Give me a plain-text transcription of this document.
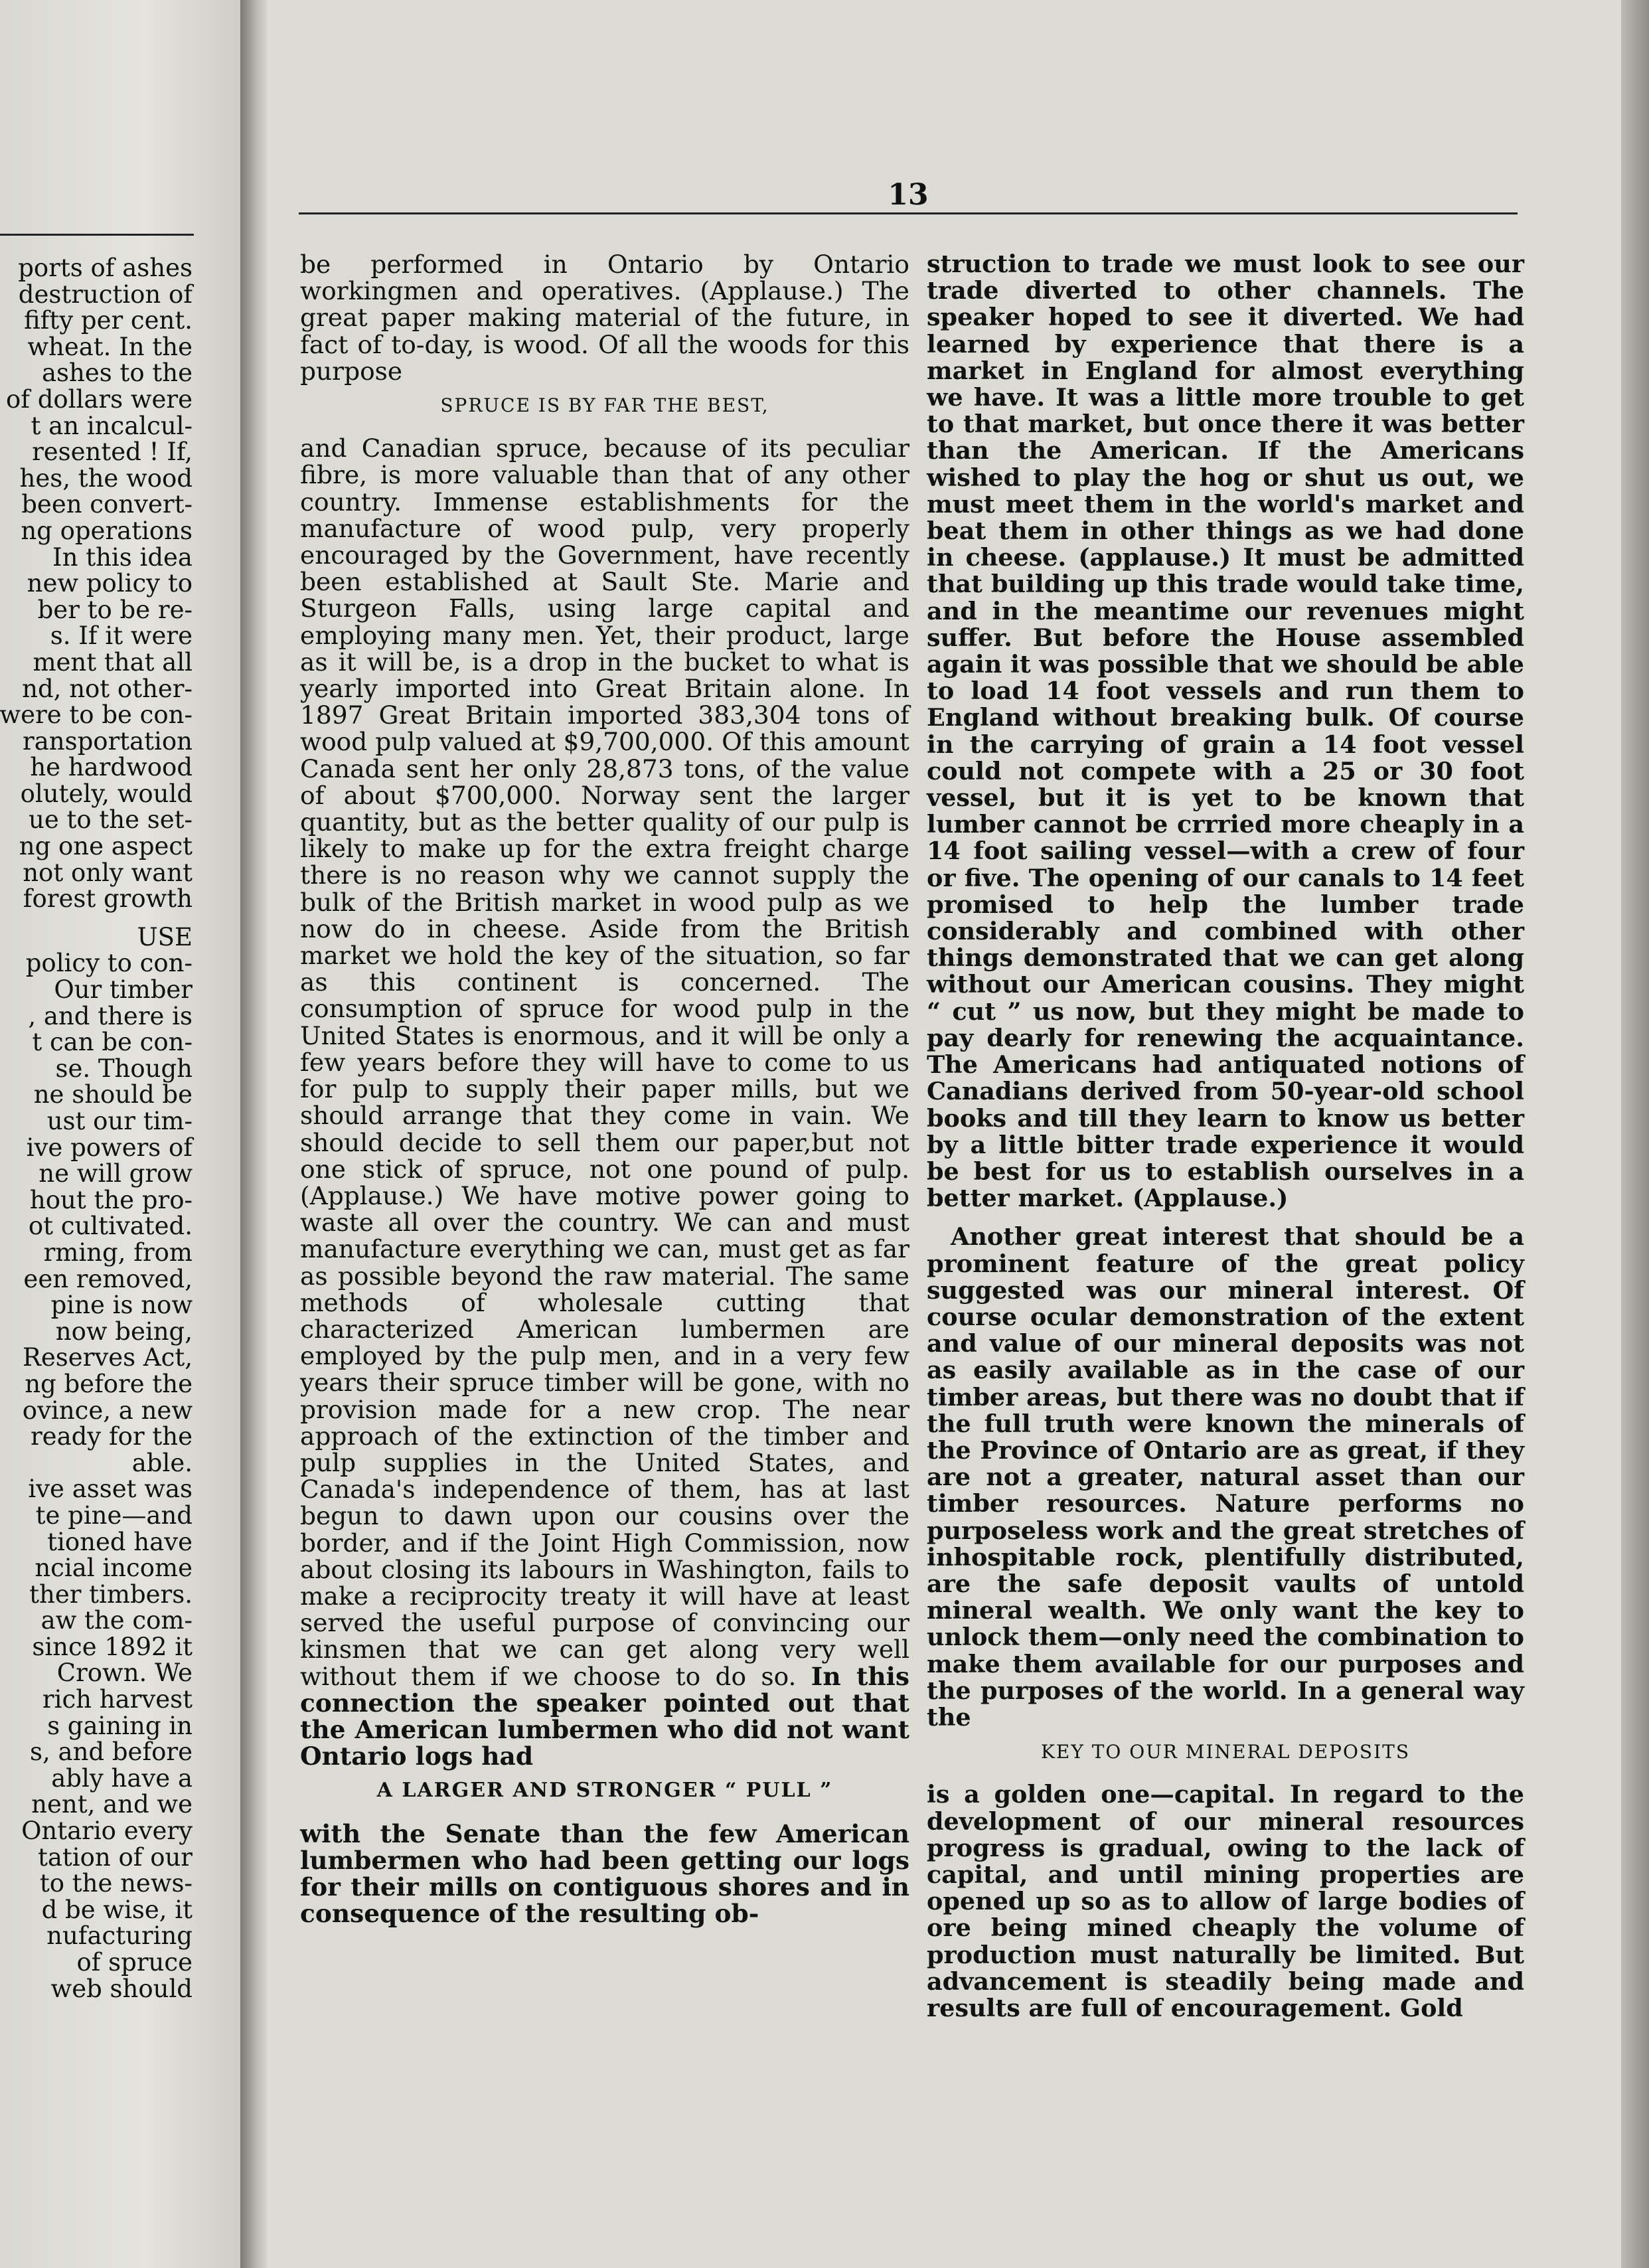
ports of ashes
destruction of
fifty per cent.
wheat. In the
ashes to the
of dollars were
t an incalcul-
resented ! If,
hes, the wood
been convert-
ng operations
In this idea
new policy to
ber to be re-
s. If it were
ment that all
nd, not other-
were to be con-
ransportation
he hardwood
olutely, would
ue to the set-
ng one aspect
not only want
forest growth
USE
policy to con-
Our timber
, and there is
t can be con-
se. Though
ne should be
ust our tim-
ive powers of
ne will grow
hout the pro-
ot cultivated.
rming, from
een removed,
pine is now
now being,
Reserves Act,
ng before the
ovince, a new
ready for the
able.
ive asset was
te pine—and
tioned have
ncial income
ther timbers.
aw the com-
since 1892 it
Crown. We
rich harvest
s gaining in
s, and before
ably have a
nent, and we
Ontario every
tation of our
to the news-
d be wise, it
nufacturing
of spruce
web should
13

be performed in Ontario by Ontario workingmen and operatives. (Applause.) The great paper making material of the future, in fact of to-day, is wood. Of all the woods for this purpose

SPRUCE IS BY FAR THE BEST,

and Canadian spruce, because of its peculiar fibre, is more valuable than that of any other country. Immense establishments for the manufacture of wood pulp, very properly encouraged by the Government, have recently been established at Sault Ste. Marie and Sturgeon Falls, using large capital and employing many men. Yet, their product, large as it will be, is a drop in the bucket to what is yearly imported into Great Britain alone. In 1897 Great Britain imported 383,304 tons of wood pulp valued at $9,700,000. Of this amount Canada sent her only 28,873 tons, of the value of about $700,000. Norway sent the larger quantity, but as the better quality of our pulp is likely to make up for the extra freight charge there is no reason why we cannot supply the bulk of the British market in wood pulp as we now do in cheese. Aside from the British market we hold the key of the situation, so far as this continent is concerned. The consumption of spruce for wood pulp in the United States is enormous, and it will be only a few years before they will have to come to us for pulp to supply their paper mills, but we should arrange that they come in vain. We should decide to sell them our paper,but not one stick of spruce, not one pound of pulp. (Applause.) We have motive power going to waste all over the country. We can and must manufacture everything we can, must get as far as possible beyond the raw material. The same methods of wholesale cutting that characterized American lumbermen are employed by the pulp men, and in a very few years their spruce timber will be gone, with no provision made for a new crop. The near approach of the extinction of the timber and pulp supplies in the United States, and Canada's independence of them, has at last begun to dawn upon our cousins over the border, and if the Joint High Commission, now about closing its labours in Washington, fails to make a reciprocity treaty it will have at least served the useful purpose of convincing our kinsmen that we can get along very well without them if we choose to do so. In this connection the speaker pointed out that the American lumbermen who did not want Ontario logs had

A LARGER AND STRONGER “ PULL ”

with the Senate than the few American lumbermen who had been getting our logs for their mills on contiguous shores and in consequence of the resulting ob-

struction to trade we must look to see our trade diverted to other channels. The speaker hoped to see it diverted. We had learned by experience that there is a market in England for almost everything we have. It was a little more trouble to get to that market, but once there it was better than the American. If the Americans wished to play the hog or shut us out, we must meet them in the world's market and beat them in other things as we had done in cheese. (applause.) It must be admitted that building up this trade would take time, and in the meantime our revenues might suffer. But before the House assembled again it was possible that we should be able to load 14 foot vessels and run them to England without breaking bulk. Of course in the carrying of grain a 14 foot vessel could not compete with a 25 or 30 foot vessel, but it is yet to be known that lumber cannot be crrried more cheaply in a 14 foot sailing vessel—with a crew of four or five. The opening of our canals to 14 feet promised to help the lumber trade considerably and combined with other things demonstrated that we can get along without our American cousins. They might “ cut ” us now, but they might be made to pay dearly for renewing the acquaintance. The Americans had antiquated notions of Canadians derived from 50-year-old school books and till they learn to know us better by a little bitter trade experience it would be best for us to establish ourselves in a better market. (Applause.)

Another great interest that should be a prominent feature of the great policy suggested was our mineral interest. Of course ocular demonstration of the extent and value of our mineral deposits was not as easily available as in the case of our timber areas, but there was no doubt that if the full truth were known the minerals of the Province of Ontario are as great, if they are not a greater, natural asset than our timber resources. Nature performs no purposeless work and the great stretches of inhospitable rock, plentifully distributed, are the safe deposit vaults of untold mineral wealth. We only want the key to unlock them—only need the combination to make them available for our purposes and the purposes of the world. In a general way the

KEY TO OUR MINERAL DEPOSITS

is a golden one—capital. In regard to the development of our mineral resources progress is gradual, owing to the lack of capital, and until mining properties are opened up so as to allow of large bodies of ore being mined cheaply the volume of production must naturally be limited. But advancement is steadily being made and results are full of encouragement. Gold
